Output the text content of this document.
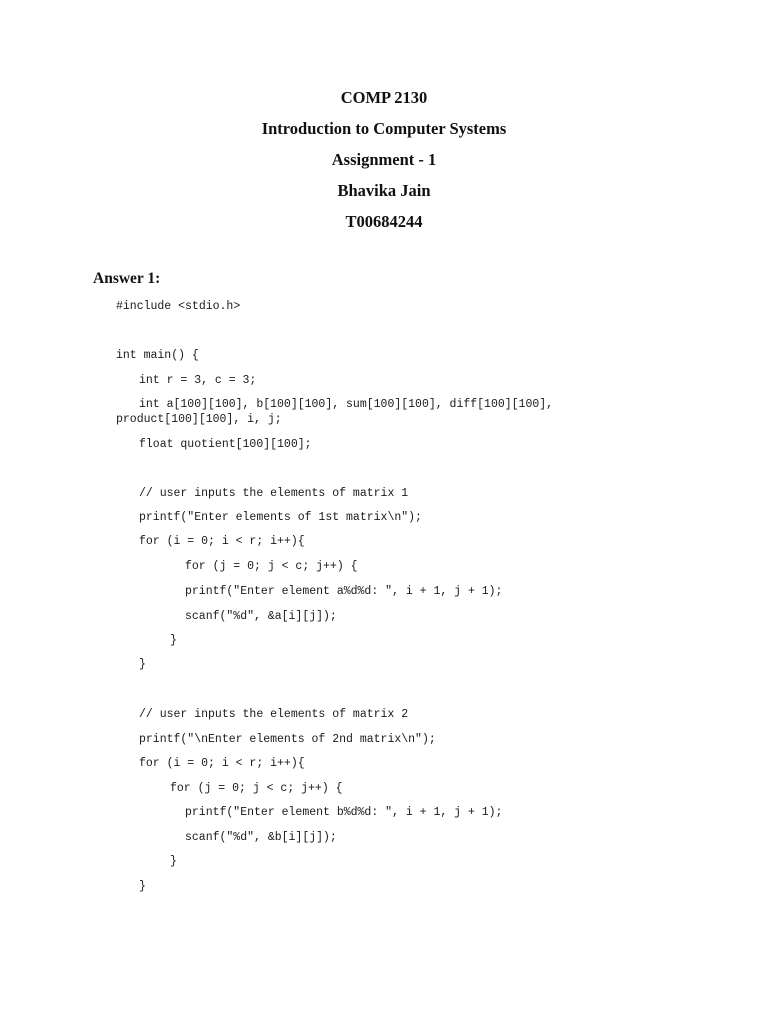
COMP 2130
Introduction to Computer Systems
Assignment - 1
Bhavika Jain
T00684244
Answer 1:
#include <stdio.h>
int main() {
int r = 3, c = 3;
int a[100][100], b[100][100], sum[100][100], diff[100][100],
product[100][100], i, j;
float quotient[100][100];
// user inputs the elements of matrix 1
printf("Enter elements of 1st matrix\n");
for (i = 0; i < r; i++){
for (j = 0; j < c; j++) {
printf("Enter element a%d%d: ", i + 1, j + 1);
scanf("%d", &a[i][j]);
}
}
// user inputs the elements of matrix 2
printf("\nEnter elements of 2nd matrix\n");
for (i = 0; i < r; i++){
for (j = 0; j < c; j++) {
printf("Enter element b%d%d: ", i + 1, j + 1);
scanf("%d", &b[i][j]);
}
}
